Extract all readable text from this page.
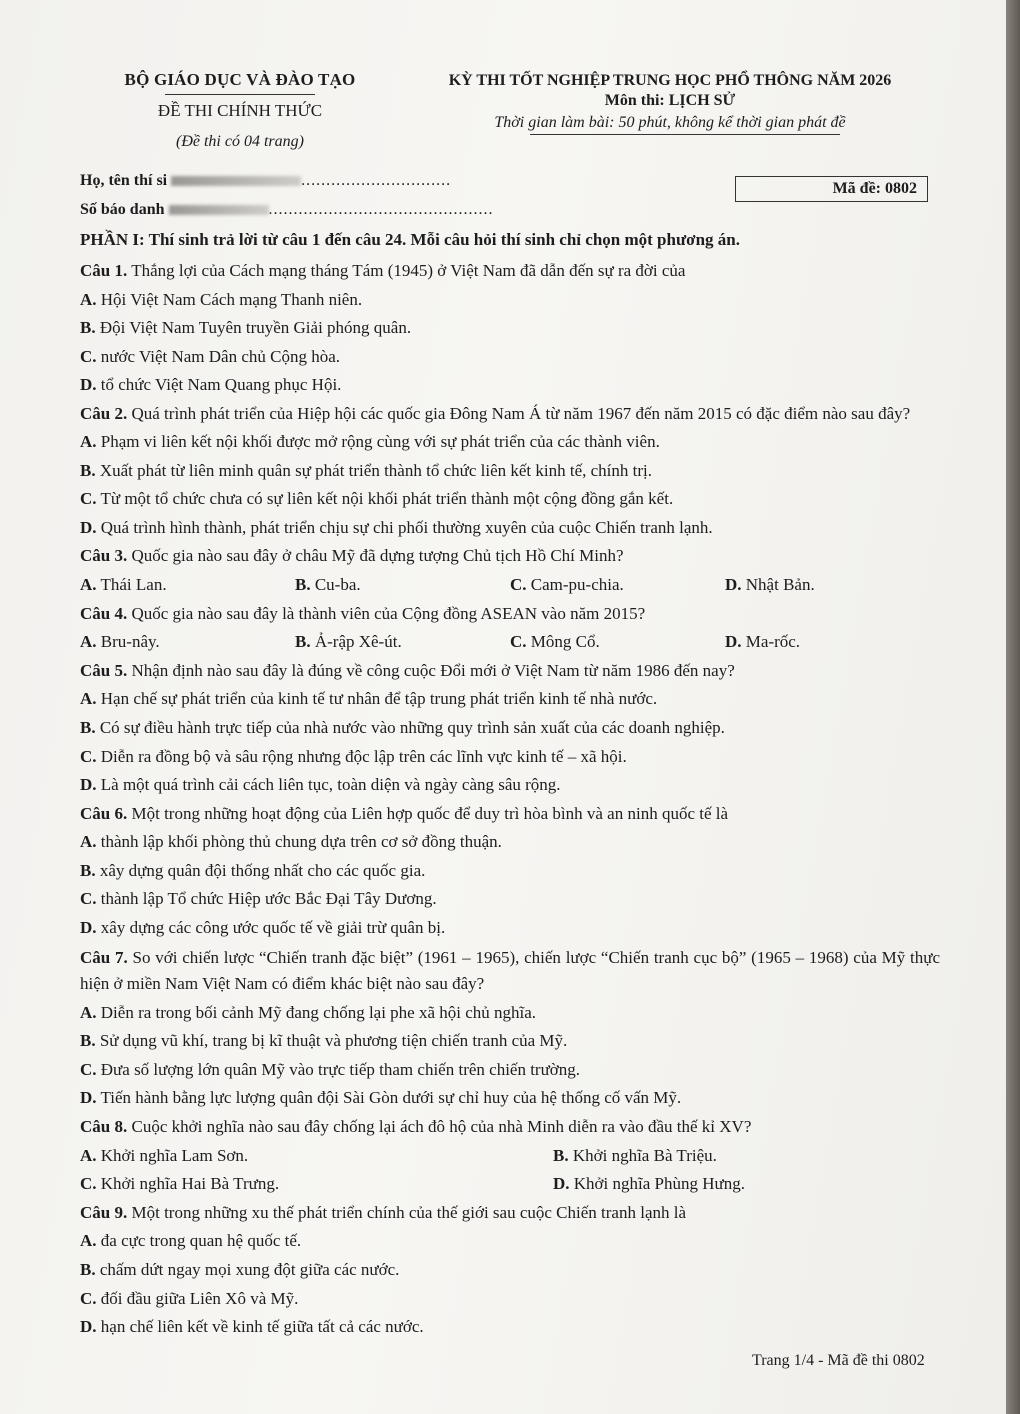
BỘ GIÁO DỤC VÀ ĐÀO TẠO
ĐỀ THI CHÍNH THỨC
(Đề thi có 04 trang)
KỲ THI TỐT NGHIỆP TRUNG HỌC PHỔ THÔNG NĂM 2026
Môn thi: LỊCH SỬ
Thời gian làm bài: 50 phút, không kể thời gian phát đề
Họ, tên thí si	..............................
Số báo danh	.............................................
Mã đề: 0802
PHẦN I: Thí sinh trả lời từ câu 1 đến câu 24. Mỗi câu hỏi thí sinh chỉ chọn một phương án.

Câu 1. Thắng lợi của Cách mạng tháng Tám (1945) ở Việt Nam đã dẫn đến sự ra đời của

A. Hội Việt Nam Cách mạng Thanh niên.

B. Đội Việt Nam Tuyên truyền Giải phóng quân.

C. nước Việt Nam Dân chủ Cộng hòa.

D. tổ chức Việt Nam Quang phục Hội.

Câu 2. Quá trình phát triển của Hiệp hội các quốc gia Đông Nam Á từ năm 1967 đến năm 2015 có đặc điểm nào sau đây?

A. Phạm vi liên kết nội khối được mở rộng cùng với sự phát triển của các thành viên.

B. Xuất phát từ liên minh quân sự phát triển thành tổ chức liên kết kinh tế, chính trị.

C. Từ một tổ chức chưa có sự liên kết nội khối phát triển thành một cộng đồng gắn kết.

D. Quá trình hình thành, phát triển chịu sự chi phối thường xuyên của cuộc Chiến tranh lạnh.

Câu 3. Quốc gia nào sau đây ở châu Mỹ đã dựng tượng Chủ tịch Hồ Chí Minh?

A. Thái Lan.	B. Cu-ba.	C. Cam-pu-chia.	D. Nhật Bản.

Câu 4. Quốc gia nào sau đây là thành viên của Cộng đồng ASEAN vào năm 2015?

A. Bru-nây.	B. Ả-rập Xê-út.	C. Mông Cổ.	D. Ma-rốc.

Câu 5. Nhận định nào sau đây là đúng về công cuộc Đổi mới ở Việt Nam từ năm 1986 đến nay?

A. Hạn chế sự phát triển của kinh tế tư nhân để tập trung phát triển kinh tế nhà nước.

B. Có sự điều hành trực tiếp của nhà nước vào những quy trình sản xuất của các doanh nghiệp.

C. Diễn ra đồng bộ và sâu rộng nhưng độc lập trên các lĩnh vực kinh tế – xã hội.

D. Là một quá trình cải cách liên tục, toàn diện và ngày càng sâu rộng.

Câu 6. Một trong những hoạt động của Liên hợp quốc để duy trì hòa bình và an ninh quốc tế là

A. thành lập khối phòng thủ chung dựa trên cơ sở đồng thuận.

B. xây dựng quân đội thống nhất cho các quốc gia.

C. thành lập Tổ chức Hiệp ước Bắc Đại Tây Dương.

D. xây dựng các công ước quốc tế về giải trừ quân bị.

Câu 7. So với chiến lược “Chiến tranh đặc biệt” (1961 – 1965), chiến lược “Chiến tranh cục bộ” (1965 – 1968) của Mỹ thực hiện ở miền Nam Việt Nam có điểm khác biệt nào sau đây?

A. Diễn ra trong bối cảnh Mỹ đang chống lại phe xã hội chủ nghĩa.

B. Sử dụng vũ khí, trang bị kĩ thuật và phương tiện chiến tranh của Mỹ.

C. Đưa số lượng lớn quân Mỹ vào trực tiếp tham chiến trên chiến trường.

D. Tiến hành bằng lực lượng quân đội Sài Gòn dưới sự chỉ huy của hệ thống cố vấn Mỹ.

Câu 8. Cuộc khởi nghĩa nào sau đây chống lại ách đô hộ của nhà Minh diễn ra vào đầu thế kỉ XV?

A. Khởi nghĩa Lam Sơn.	B. Khởi nghĩa Bà Triệu.
C. Khởi nghĩa Hai Bà Trưng.	D. Khởi nghĩa Phùng Hưng.

Câu 9. Một trong những xu thế phát triển chính của thế giới sau cuộc Chiến tranh lạnh là

A. đa cực trong quan hệ quốc tế.

B. chấm dứt ngay mọi xung đột giữa các nước.

C. đối đầu giữa Liên Xô và Mỹ.

D. hạn chế liên kết về kinh tế giữa tất cả các nước.

Trang 1/4 - Mã đề thi 0802
